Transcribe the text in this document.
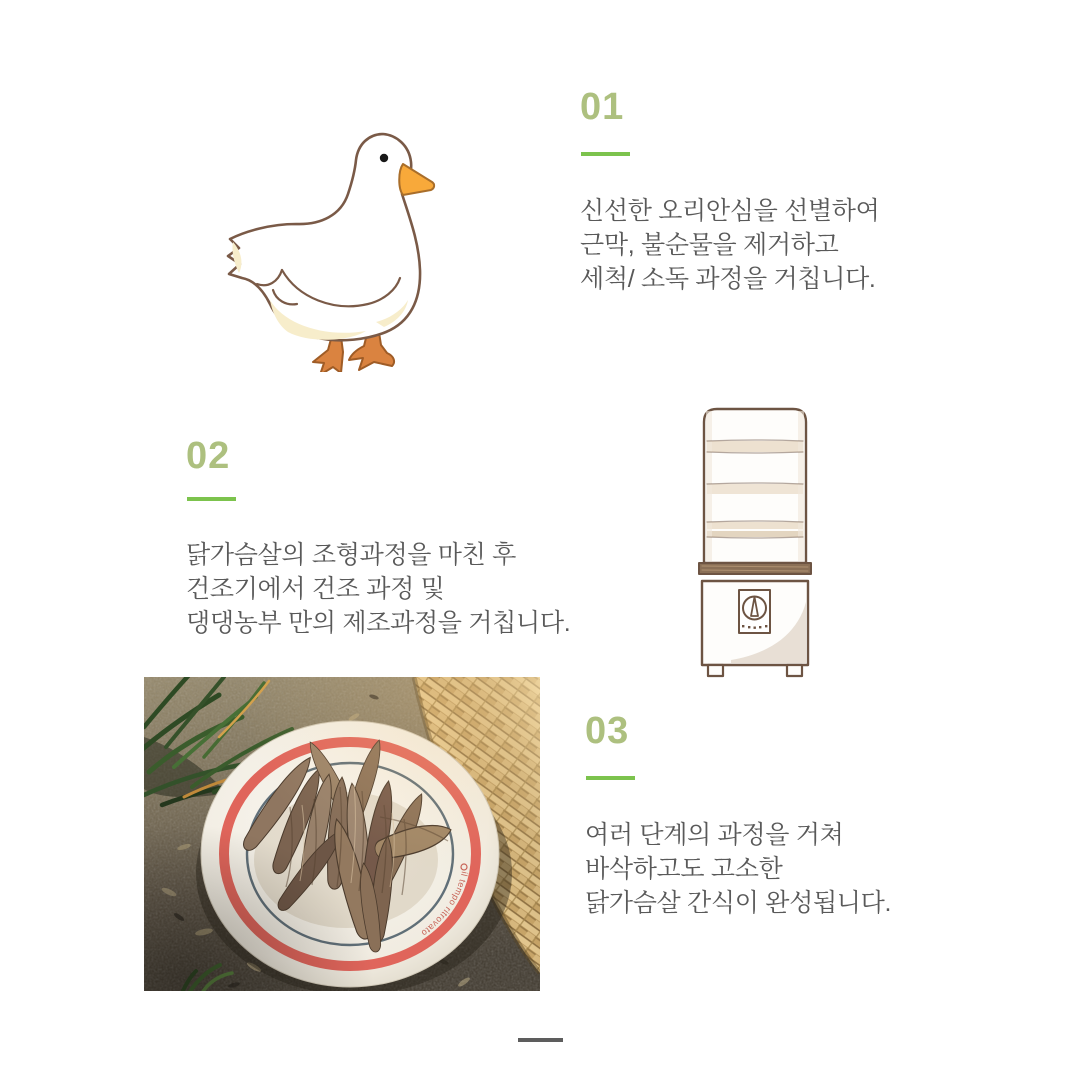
01
신선한 오리안심을 선별하여
근막, 불순물을 제거하고
세척/ 소독 과정을 거칩니다.
02
닭가슴살의 조형과정을 마친 후
건조기에서 건조 과정 및
댕댕농부 만의 제조과정을 거칩니다.
03
여러 단계의 과정을 거쳐
바삭하고도 고소한
닭가슴살 간식이 완성됩니다.
